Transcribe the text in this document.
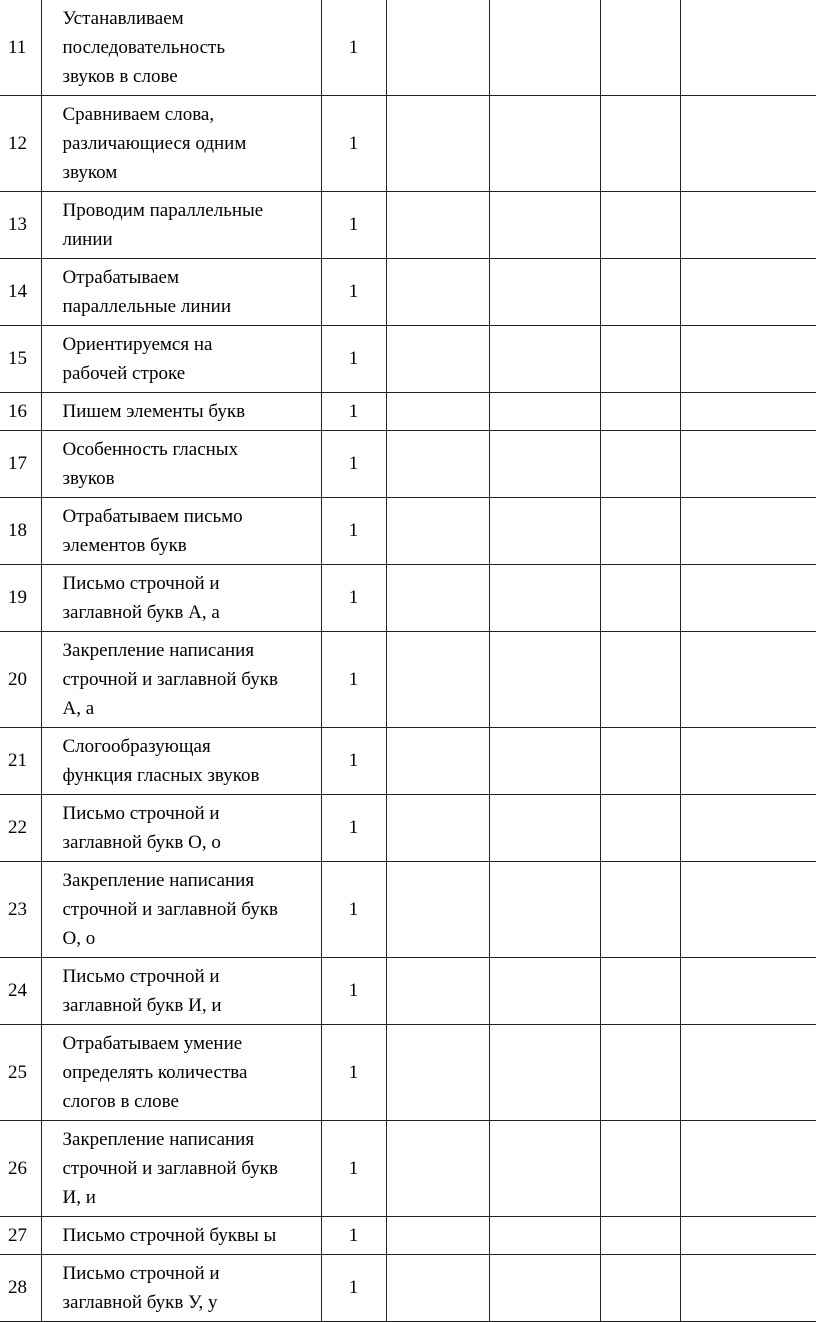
11	Устанавливаем
последовательность
звуков в слове	1				
12	Сравниваем слова,
различающиеся одним
звуком	1				
13	Проводим параллельные
линии	1				
14	Отрабатываем
параллельные линии	1				
15	Ориентируемся на
рабочей строке	1				
16	Пишем элементы букв	1				
17	Особенность гласных
звуков	1				
18	Отрабатываем письмо
элементов букв	1				
19	Письмо строчной и
заглавной букв А, а	1				
20	Закрепление написания
строчной и заглавной букв
А, а	1				
21	Слогообразующая
функция гласных звуков	1				
22	Письмо строчной и
заглавной букв О, о	1				
23	Закрепление написания
строчной и заглавной букв
О, о	1				
24	Письмо строчной и
заглавной букв И, и	1				
25	Отрабатываем умение
определять количества
слогов в слове	1				
26	Закрепление написания
строчной и заглавной букв
И, и	1				
27	Письмо строчной буквы ы	1				
28	Письмо строчной и
заглавной букв У, у	1				
